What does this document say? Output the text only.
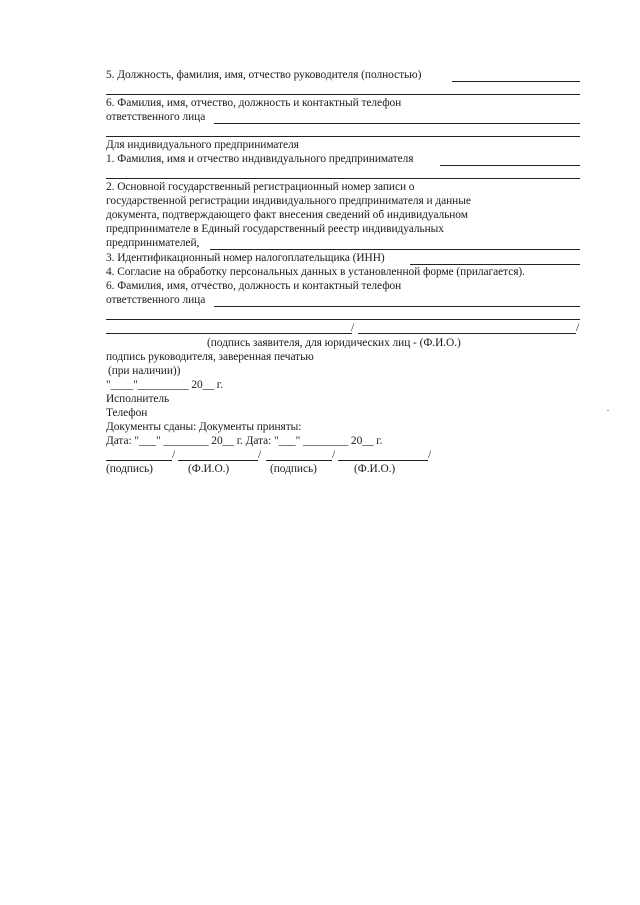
5. Должность, фамилия, имя, отчество руководителя (полностью)
6. Фамилия, имя, отчество, должность и контактный телефон
ответственного лица
Для индивидуального предпринимателя
1. Фамилия, имя и отчество индивидуального предпринимателя
2. Основной государственный регистрационный номер записи о
государственной регистрации индивидуального предпринимателя и данные
документа, подтверждающего факт внесения сведений об индивидуальном
предпринимателе в Единый государственный реестр индивидуальных
предпринимателей,
3. Идентификационный номер налогоплательщика (ИНН)
4. Согласие на обработку персональных данных в установленной форме (прилагается).
6. Фамилия, имя, отчество, должность и контактный телефон
ответственного лица
/	/
(подпись заявителя, для юридических лиц - (Ф.И.О.)
подпись руководителя, заверенная печатью
(при наличии))
"____"_________ 20__ г.
Исполнитель
Телефон
Документы сданы: Документы приняты:
Дата: "___" ________ 20__ г. Дата: "___" ________ 20__ г.
/	/	/	/
(подпись)	(Ф.И.О.)	(подпись)	(Ф.И.О.)
